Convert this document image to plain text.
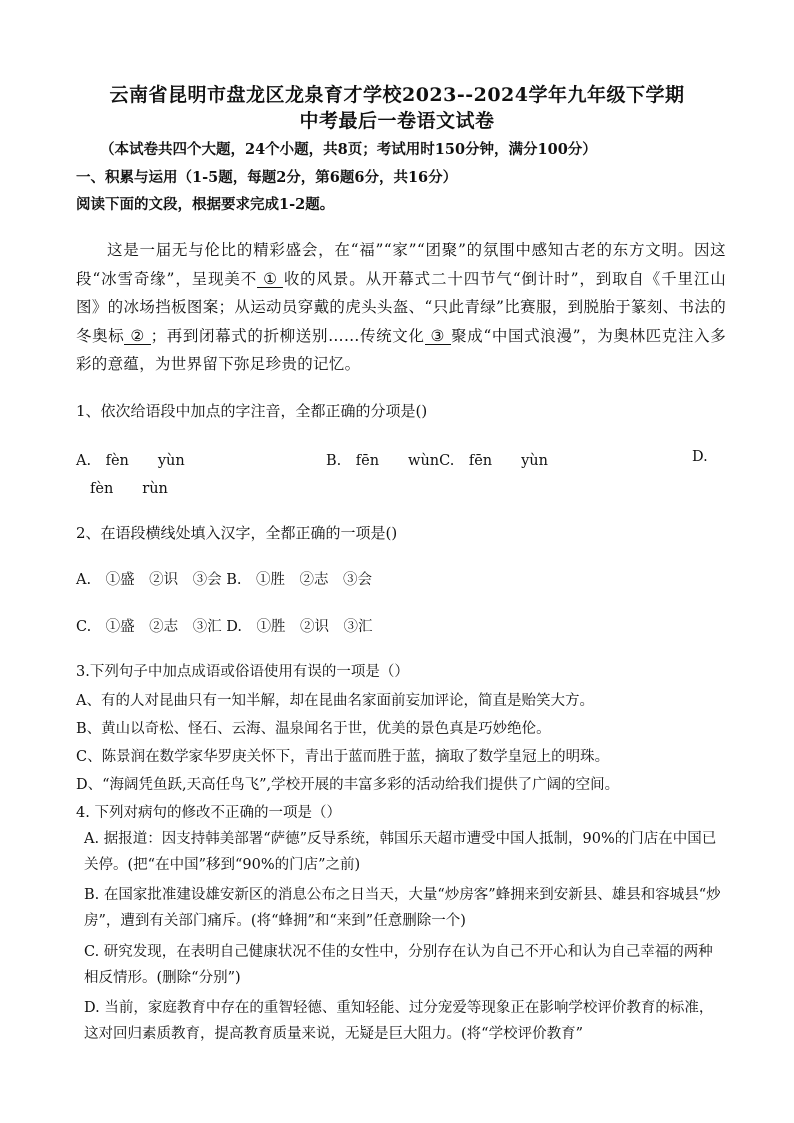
云南省昆明市盘龙区龙泉育才学校2023--2024学年九年级下学期
中考最后一卷语文试卷
（本试卷共四个大题，24个小题，共8页；考试用时150分钟，满分100分）
一、积累与运用（1-5题，每题2分，第6题6分，共16分）
阅读下面的文段，根据要求完成1-2题。
这是一届无与伦比的精彩盛会，在“福”“家”“团聚”的氛围中感知古老的东方文明。因这段“冰雪奇缘”，呈现美不 ① 收的风景。从开幕式二十四节气“倒计时”，到取自《千里江山图》的冰场挡板图案；从运动员穿戴的虎头头盔、“只此青绿”比赛服，到脱胎于篆刻、书法的冬奥标 ② ；再到闭幕式的折柳送别……传统文化 ③ 聚成“中国式浪漫”，为奥林匹克注入多彩的意蕴，为世界留下弥足珍贵的记忆。
1、依次给语段中加点的字注音，全都正确的分项是()
A.　fèn　　yùn	B.　fēn　　wùnC.　fēn　　yùn	D.
fèn　　rùn
2、在语段横线处填入汉字，全都正确的一项是()
A.　①盛　②识　③会 B.　①胜　②志　③会
C.　①盛　②志　③汇 D.　①胜　②识　③汇
3.下列句子中加点成语或俗语使用有误的一项是（）
A、有的人对昆曲只有一知半解，却在昆曲名家面前妄加评论，简直是贻笑大方。
B、黄山以奇松、怪石、云海、温泉闻名于世，优美的景色真是巧妙绝伦。
C、陈景润在数学家华罗庚关怀下，青出于蓝而胜于蓝，摘取了数学皇冠上的明珠。
D、“海阔凭鱼跃,天高任鸟飞”,学校开展的丰富多彩的活动给我们提供了广阔的空间。
4. 下列对病句的修改不正确的一项是（）
A. 据报道：因支持韩美部署“萨德”反导系统，韩国乐天超市遭受中国人抵制，90%的门店在中国已关停。(把“在中国”移到“90%的门店”之前)
B. 在国家批准建设雄安新区的消息公布之日当天，大量“炒房客”蜂拥来到安新县、雄县和容城县“炒房”，遭到有关部门痛斥。(将“蜂拥”和“来到”任意删除一个)
C. 研究发现，在表明自己健康状况不佳的女性中，分别存在认为自己不开心和认为自己幸福的两种相反情形。(删除“分别”)
D. 当前，家庭教育中存在的重智轻德、重知轻能、过分宠爱等现象正在影响学校评价教育的标准，这对回归素质教育，提高教育质量来说，无疑是巨大阻力。(将“学校评价教育”
